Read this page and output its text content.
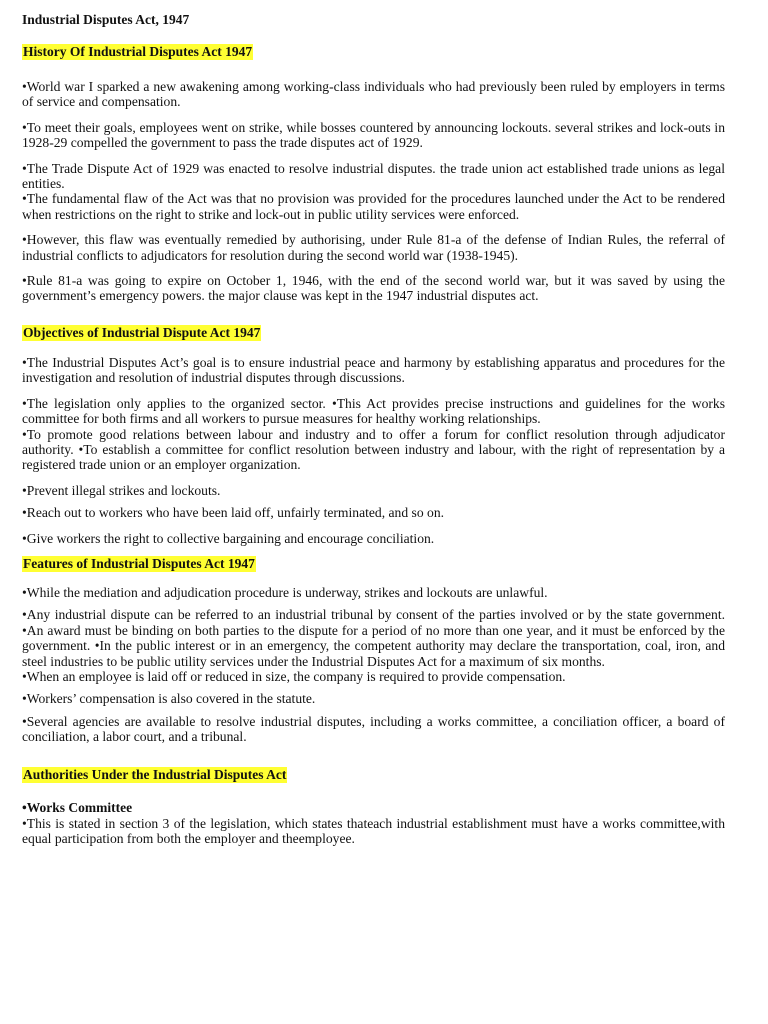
Industrial Disputes Act, 1947
History Of Industrial Disputes Act 1947

•World war I sparked a new awakening among working-class individuals who had previously been ruled by employers in terms of service and compensation.

•To meet their goals, employees went on strike, while bosses countered by announcing lockouts. several strikes and lock-outs in 1928-29 compelled the government to pass the trade disputes act of 1929.

•The Trade Dispute Act of 1929 was enacted to resolve industrial disputes. the trade union act established trade unions as legal entities.

•The fundamental flaw of the Act was that no provision was provided for the procedures launched under the Act to be rendered when restrictions on the right to strike and lock-out in public utility services were enforced.

•However, this flaw was eventually remedied by authorising, under Rule 81-a of the defense of Indian Rules, the referral of industrial conflicts to adjudicators for resolution during the second world war (1938-1945).

•Rule 81-a was going to expire on October 1, 1946, with the end of the second world war, but it was saved by using the government’s emergency powers. the major clause was kept in the 1947 industrial disputes act.

Objectives of Industrial Dispute Act 1947

•The Industrial Disputes Act’s goal is to ensure industrial peace and harmony by establishing apparatus and procedures for the investigation and resolution of industrial disputes through discussions.

•The legislation only applies to the organized sector. •This Act provides precise instructions and guidelines for the works committee for both firms and all workers to pursue measures for healthy working relationships.

•To promote good relations between labour and industry and to offer a forum for conflict resolution through adjudicator authority. •To establish a committee for conflict resolution between industry and labour, with the right of representation by a registered trade union or an employer organization.

•Prevent illegal strikes and lockouts.

•Reach out to workers who have been laid off, unfairly terminated, and so on.

•Give workers the right to collective bargaining and encourage conciliation.

Features of Industrial Disputes Act 1947

•While the mediation and adjudication procedure is underway, strikes and lockouts are unlawful.

•Any industrial dispute can be referred to an industrial tribunal by consent of the parties involved or by the state government. •An award must be binding on both parties to the dispute for a period of no more than one year, and it must be enforced by the government. •In the public interest or in an emergency, the competent authority may declare the transportation, coal, iron, and steel industries to be public utility services under the Industrial Disputes Act for a maximum of six months.

•When an employee is laid off or reduced in size, the company is required to provide compensation.

•Workers’ compensation is also covered in the statute.

•Several agencies are available to resolve industrial disputes, including a works committee, a conciliation officer, a board of conciliation, a labor court, and a tribunal.

Authorities Under the Industrial Disputes Act
•Works Committee

•This is stated in section 3 of the legislation, which states thateach industrial establishment must have a works committee,with equal participation from both the employer and theemployee.
